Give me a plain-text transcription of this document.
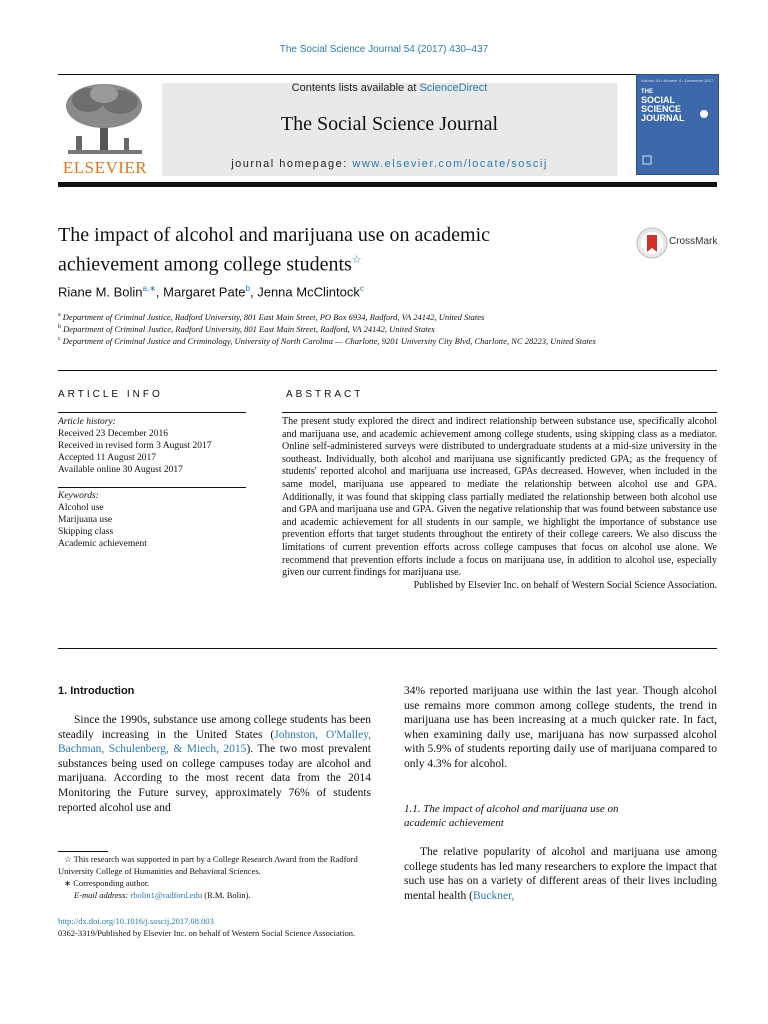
The Social Science Journal 54 (2017) 430–437
ELSEVIER
Contents lists available at ScienceDirect
The Social Science Journal
journal homepage: www.elsevier.com/locate/soscij
Volume 54 • Number 4 • December 2017
THE
SOCIAL
SCIENCE
JOURNAL
The impact of alcohol and marijuana use on academic
achievement among college students☆
CrossMark
Riane M. Bolin$^{a,∗}$, Margaret Pate$^b$, Jenna McClintock$^c$
$^a$ Department of Criminal Justice, Radford University, 801 East Main Street, PO Box 6934, Radford, VA 24142, United States
$^b$ Department of Criminal Justice, Radford University, 801 East Main Street, Radford, VA 24142, United States
$^c$ Department of Criminal Justice and Criminology, University of North Carolina — Charlotte, 9201 University City Blvd, Charlotte, NC 28223, United States
ARTICLE INFO
Article history:
Received 23 December 2016
Received in revised form 3 August 2017
Accepted 11 August 2017
Available online 30 August 2017
Keywords:
Alcohol use
Marijuana use
Skipping class
Academic achievement
ABSTRACT
The present study explored the direct and indirect relationship between substance use, specifically alcohol and marijuana use, and academic achievement among college students, using skipping class as a mediator. Online self-administered surveys were distributed to undergraduate students at a mid-size university in the southeast. Individually, both alcohol and marijuana use significantly predicted GPA; as the frequency of students' reported alcohol and marijuana use increased, GPAs decreased. However, when included in the same model, marijuana use appeared to mediate the relationship between alcohol use and GPA. Additionally, it was found that skipping class partially mediated the relationship between both alcohol use and GPA and marijuana use and GPA. Given the negative relationship that was found between substance use and academic achievement for all students in our sample, we highlight the importance of substance use prevention efforts that target students throughout the entirety of their college careers. We also discuss the limitations of current prevention efforts across college campuses that focus on alcohol use alone. We recommend that prevention efforts include a focus on marijuana use, in addition to alcohol use, especially given our current findings for marijuana use.
Published by Elsevier Inc. on behalf of Western Social Science Association.
1. Introduction
Since the 1990s, substance use among college students has been steadily increasing in the United States (Johnston, O'Malley, Bachman, Schulenberg, & Miech, 2015). The two most prevalent substances being used on college campuses today are alcohol and marijuana. According to the most recent data from the 2014 Monitoring the Future survey, approximately 76% of students reported alcohol use and
34% reported marijuana use within the last year. Though alcohol use remains more common among college students, the trend in marijuana use has been increasing at a much quicker rate. In fact, when examining daily use, marijuana has now surpassed alcohol with 5.9% of students reporting daily use of marijuana compared to only 4.3% for alcohol.
1.1. The impact of alcohol and marijuana use on
academic achievement
The relative popularity of alcohol and marijuana use among college students has led many researchers to explore the impact that such use has on a variety of different areas of their lives including mental health (Buckner,
☆ This research was supported in part by a College Research Award from the Radford University College of Humanities and Behavioral Sciences.
∗ Corresponding author.
E-mail address: rbolin1@radford.edu (R.M. Bolin).
http://dx.doi.org/10.1016/j.soscij.2017.08.003
0362-3319/Published by Elsevier Inc. on behalf of Western Social Science Association.
